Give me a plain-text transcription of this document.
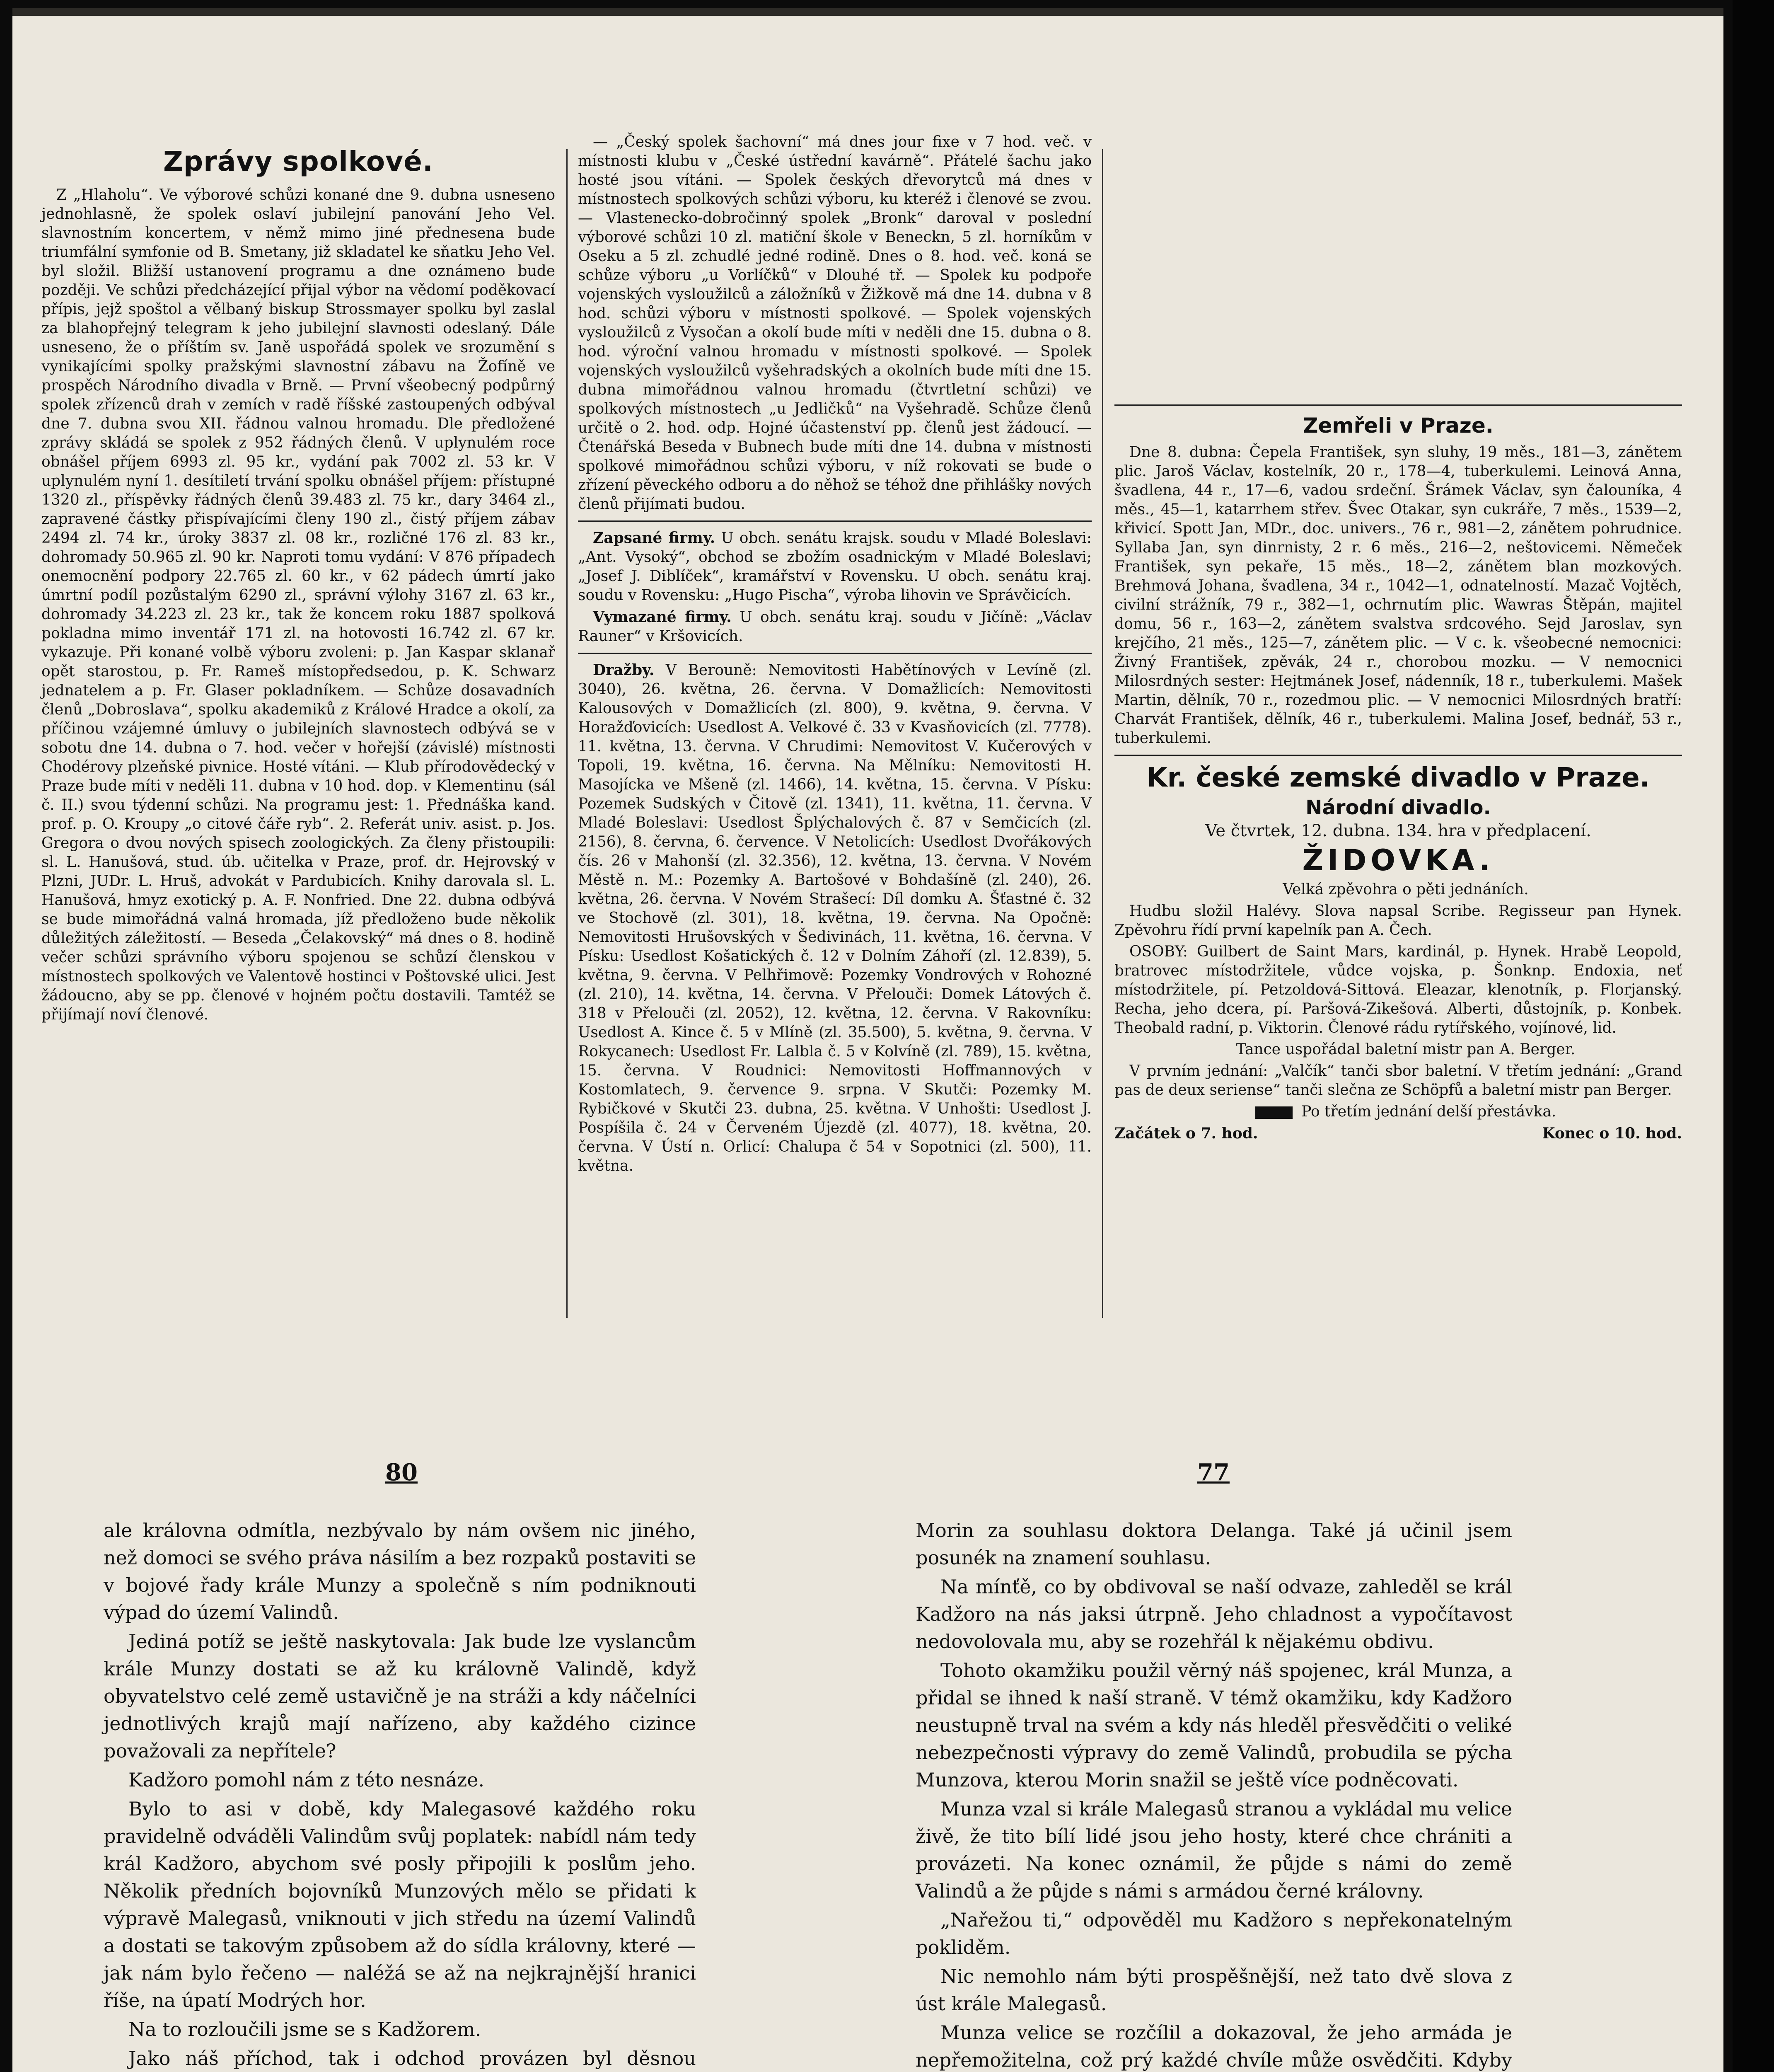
Zprávy spolkové.

Z „Hlaholu“. Ve výborové schůzi konané dne 9. dubna usneseno jednohlasně, že spolek oslaví jubilejní panování Jeho Vel. slavnostním koncertem, v němž mimo jiné přednesena bude triumfální symfonie od B. Smetany, již skladatel ke sňatku Jeho Vel. byl složil. Bližší ustanovení programu a dne oznámeno bude později. Ve schůzi předcházející přijal výbor na vědomí poděkovací přípis, jejž spoštol a vělbaný biskup Strossmayer spolku byl zaslal za blahopřejný telegram k jeho jubilejní slavnosti odeslaný. Dále usneseno, že o příštím sv. Janě uspořádá spolek ve srozumění s vynikajícími spolky pražskými slavnostní zábavu na Žofíně ve prospěch Národního divadla v Brně. — První všeobecný podpůrný spolek zřízenců drah v zemích v radě říšské zastoupených odbýval dne 7. dubna svou XII. řádnou valnou hromadu. Dle předložené zprávy skládá se spolek z 952 řádných členů. V uplynulém roce obnášel příjem 6993 zl. 95 kr., vydání pak 7002 zl. 53 kr. V uplynulém nyní 1. desítiletí trvání spolku obnášel příjem: přístupné 1320 zl., příspěvky řádných členů 39.483 zl. 75 kr., dary 3464 zl., zapravené částky přispívajícími členy 190 zl., čistý příjem zábav 2494 zl. 74 kr., úroky 3837 zl. 08 kr., rozličné 176 zl. 83 kr., dohromady 50.965 zl. 90 kr. Naproti tomu vydání: V 876 případech onemocnění podpory 22.765 zl. 60 kr., v 62 pádech úmrtí jako úmrtní podíl pozůstalým 6290 zl., správní výlohy 3167 zl. 63 kr., dohromady 34.223 zl. 23 kr., tak že koncem roku 1887 spolková pokladna mimo inventář 171 zl. na hotovosti 16.742 zl. 67 kr. vykazuje. Při konané volbě výboru zvoleni: p. Jan Kaspar sklanař opět starostou, p. Fr. Rameš místopředsedou, p. K. Schwarz jednatelem a p. Fr. Glaser pokladníkem. — Schůze dosavadních členů „Dobroslava“, spolku akademiků z Králové Hradce a okolí, za příčinou vzájemné úmluvy o jubilejních slavnostech odbývá se v sobotu dne 14. dubna o 7. hod. večer v hořejší (závislé) místnosti Chodérovy plzeňské pivnice. Hosté vítáni. — Klub přírodovědecký v Praze bude míti v neděli 11. dubna v 10 hod. dop. v Klementinu (sál č. II.) svou týdenní schůzi. Na programu jest: 1. Přednáška kand. prof. p. O. Kroupy „o citové čáře ryb“. 2. Referát univ. asist. p. Jos. Gregora o dvou nových spisech zoologických. Za členy přistoupili: sl. L. Hanušová, stud. úb. učitelka v Praze, prof. dr. Hejrovský v Plzni, JUDr. L. Hruš, advokát v Pardubicích. Knihy darovala sl. L. Hanušová, hmyz exotický p. A. F. Nonfried. Dne 22. dubna odbývá se bude mimořádná valná hromada, jíž předloženo bude několik důležitých záležitostí. — Beseda „Čelakovský“ má dnes o 8. hodině večer schůzi správního výboru spojenou se schůzí členskou v místnostech spolkových ve Valentově hostinci v Poštovské ulici. Jest žádoucno, aby se pp. členové v hojném počtu dostavili. Tamtéž se přijímají noví členové.

— „Český spolek šachovní“ má dnes jour fixe v 7 hod. več. v místnosti klubu v „České ústřední kavárně“. Přátelé šachu jako hosté jsou vítáni. — Spolek českých dřevorytců má dnes v místnostech spolkových schůzi výboru, ku kteréž i členové se zvou. — Vlastenecko-dobročinný spolek „Bronk“ daroval v poslední výborové schůzi 10 zl. matiční škole v Beneckn, 5 zl. horníkům v Oseku a 5 zl. zchudlé jedné rodině. Dnes o 8. hod. več. koná se schůze výboru „u Vorlíčků“ v Dlouhé tř. — Spolek ku podpoře vojenských vysloužilců a záložníků v Žižkově má dne 14. dubna v 8 hod. schůzi výboru v místnosti spolkové. — Spolek vojenských vysloužilců z Vysočan a okolí bude míti v neděli dne 15. dubna o 8. hod. výroční valnou hromadu v místnosti spolkové. — Spolek vojenských vysloužilců vyšehradských a okolních bude míti dne 15. dubna mimořádnou valnou hromadu (čtvrtletní schůzi) ve spolkových místnostech „u Jedličků“ na Vyšehradě. Schůze členů určitě o 2. hod. odp. Hojné účastenství pp. členů jest žádoucí. — Čtenářská Beseda v Bubnech bude míti dne 14. dubna v místnosti spolkové mimořádnou schůzi výboru, v níž rokovati se bude o zřízení pěveckého odboru a do něhož se téhož dne přihlášky nových členů přijímati budou.

Zapsané firmy. U obch. senátu krajsk. soudu v Mladé Boleslavi: „Ant. Vysoký“, obchod se zbožím osadnickým v Mladé Boleslavi; „Josef J. Diblíček“, kramářství v Rovensku. U obch. senátu kraj. soudu v Rovensku: „Hugo Pischa“, výroba lihovin ve Správčicích.

Vymazané firmy. U obch. senátu kraj. soudu v Jičíně: „Václav Rauner“ v Kršovicích.

Dražby. V Berouně: Nemovitosti Habětínových v Levíně (zl. 3040), 26. května, 26. června. V Domažlicích: Nemovitosti Kalousových v Domažlicích (zl. 800), 9. května, 9. června. V Horažďovicích: Usedlost A. Velkové č. 33 v Kvasňovicích (zl. 7778). 11. května, 13. června. V Chrudimi: Nemovitost V. Kučerových v Topoli, 19. května, 16. června. Na Mělníku: Nemovitosti H. Masojícka ve Mšeně (zl. 1466), 14. května, 15. června. V Písku: Pozemek Sudských v Čitově (zl. 1341), 11. května, 11. června. V Mladé Boleslavi: Usedlost Šplýchalových č. 87 v Semčicích (zl. 2156), 8. června, 6. července. V Netolicích: Usedlost Dvořákových čís. 26 v Mahonší (zl. 32.356), 12. května, 13. června. V Novém Městě n. M.: Pozemky A. Bartošové v Bohdašíně (zl. 240), 26. května, 26. června. V Novém Strašecí: Díl domku A. Šťastné č. 32 ve Stochově (zl. 301), 18. května, 19. června. Na Opočně: Nemovitosti Hrušovských v Šedivinách, 11. května, 16. června. V Písku: Usedlost Košatických č. 12 v Dolním Záhoří (zl. 12.839), 5. května, 9. června. V Pelhřimově: Pozemky Vondrových v Rohozné (zl. 210), 14. května, 14. června. V Přelouči: Domek Látových č. 318 v Přelouči (zl. 2052), 12. května, 12. června. V Rakovníku: Usedlost A. Kince č. 5 v Mlíně (zl. 35.500), 5. května, 9. června. V Rokycanech: Usedlost Fr. Lalbla č. 5 v Kolvíně (zl. 789), 15. května, 15. června. V Roudnici: Nemovitosti Hoffmannových v Kostomlatech, 9. července 9. srpna. V Skutči: Pozemky M. Rybičkové v Skutči 23. dubna, 25. května. V Unhošti: Usedlost J. Pospíšila č. 24 v Červeném Újezdě (zl. 4077), 18. května, 20. června. V Ústí n. Orlicí: Chalupa č 54 v Sopotnici (zl. 500), 11. května.

Zemřeli v Praze.

Dne 8. dubna: Čepela František, syn sluhy, 19 měs., 181—3, zánětem plic. Jaroš Václav, kostelník, 20 r., 178—4, tuberkulemi. Leinová Anna, švadlena, 44 r., 17—6, vadou srdeční. Šrámek Václav, syn čalouníka, 4 měs., 45—1, katarrhem střev. Švec Otakar, syn cukráře, 7 měs., 1539—2, křivicí. Spott Jan, MDr., doc. univers., 76 r., 981—2, zánětem pohrudnice. Syllaba Jan, syn dinrnisty, 2 r. 6 měs., 216—2, neštovicemi. Němeček František, syn pekaře, 15 měs., 18—2, zánětem blan mozkových. Brehmová Johana, švadlena, 34 r., 1042—1, odnatelností. Mazač Vojtěch, civilní strážník, 79 r., 382—1, ochrnutím plic. Wawras Štěpán, majitel domu, 56 r., 163—2, zánětem svalstva srdcového. Sejd Jaroslav, syn krejčího, 21 měs., 125—7, zánětem plic. — V c. k. všeobecné nemocnici: Živný František, zpěvák, 24 r., chorobou mozku. — V nemocnici Milosrdných sester: Hejtmánek Josef, nádenník, 18 r., tuberkulemi. Mašek Martin, dělník, 70 r., rozedmou plic. — V nemocnici Milosrdných bratří: Charvát František, dělník, 46 r., tuberkulemi. Malina Josef, bednář, 53 r., tuberkulemi.

Kr. české zemské divadlo v Praze.
Národní divadlo.
Ve čtvrtek, 12. dubna. 134. hra v předplacení.
ŽIDOVKA.

Velká zpěvohra o pěti jednáních.

Hudbu složil Halévy. Slova napsal Scribe. Regisseur pan Hynek. Zpěvohru řídí první kapelník pan A. Čech.

OSOBY: Guilbert de Saint Mars, kardinál, p. Hynek. Hrabě Leopold, bratrovec místodržitele, vůdce vojska, p. Šonknp. Endoxia, neť místodržitele, pí. Petzoldová-Sittová. Eleazar, klenotník, p. Florjanský. Recha, jeho dcera, pí. Paršová-Zikešová. Alberti, důstojník, p. Konbek. Theobald radní, p. Viktorin. Členové rádu rytířského, vojínové, lid.

Tance uspořádal baletní mistr pan A. Berger.

V prvním jednání: „Valčík“ tanči sbor baletní. V třetím jednání: „Grand pas de deux seriense“ tanči slečna ze Schöpfů a baletní mistr pan Berger.

Po třetím jednání delší přestávka.

Začátek o 7. hod.	Konec o 10. hod.
80	77

ale královna odmítla, nezbývalo by nám ovšem nic jiného, než domoci se svého práva násilím a bez rozpaků postaviti se v bojové řady krále Munzy a společně s ním podniknouti výpad do území Valindů.

Jediná potíž se ještě naskytovala: Jak bude lze vyslancům krále Munzy dostati se až ku královně Valindě, když obyvatelstvo celé země ustavičně je na stráži a kdy náčelníci jednotlivých krajů mají nařízeno, aby každého cizince považovali za nepřítele?

Kadžoro pomohl nám z této nesnáze.

Bylo to asi v době, kdy Malegasové každého roku pravidelně odváděli Valindům svůj poplatek: nabídl nám tedy král Kadžoro, abychom své posly připojili k poslům jeho. Několik předních bojovníků Munzových mělo se přidati k výpravě Malegasů, vniknouti v jich středu na území Valindů a dostati se takovým způsobem až do sídla královny, které — jak nám bylo řečeno — naléžá se až na nejkrajnější hranici říše, na úpatí Modrých hor.

Na to rozloučili jsme se s Kadžorem.

Jako náš příchod, tak i odchod provázen byl děsnou

Morin za souhlasu doktora Delanga. Také já učinil jsem posunék na znamení souhlasu.

Na mínťě, co by obdivoval se naší odvaze, zahleděl se král Kadžoro na nás jaksi útrpně. Jeho chladnost a vypočítavost nedovolovala mu, aby se rozehřál k nějakému obdivu.

Tohoto okamžiku použil věrný náš spojenec, král Munza, a přidal se ihned k naší straně. V témž okamžiku, kdy Kadžoro neustupně trval na svém a kdy nás hleděl přesvědčiti o veliké nebezpečnosti výpravy do země Valindů, probudila se pýcha Munzova, kterou Morin snažil se ještě více podněcovati.

Munza vzal si krále Malegasů stranou a vykládal mu velice živě, že tito bílí lidé jsou jeho hosty, které chce chrániti a provázeti. Na konec oznámil, že půjde s námi do země Valindů a že půjde s námi s armádou černé královny.

„Nařežou ti,“ odpověděl mu Kadžoro s nepřekonatelným pokliděm.

Nic nemohlo nám býti prospěšnější, než tato dvě slova z úst krále Malegasů.

Munza velice se rozčílil a dokazoval, že jeho armáda je nepřemožitelna, což prý každé chvíle může osvědčiti. Kdyby
